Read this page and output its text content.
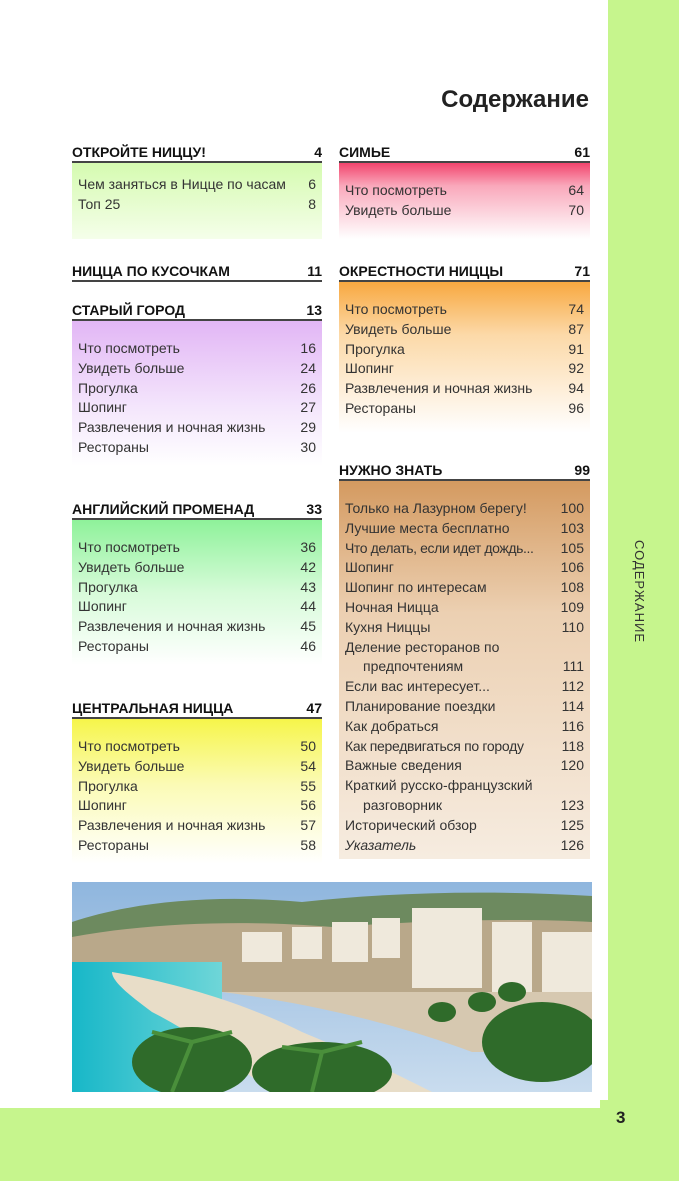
3
СОДЕРЖАНИЕ
Содержание
ОТКРОЙТЕ НИЦЦУ!	4
Чем заняться в Ницце по часам	6
Топ 25	8
НИЦЦА ПО КУСОЧКАМ	11
СТАРЫЙ ГОРОД	13
Что посмотреть	16
Увидеть больше	24
Прогулка	26
Шопинг	27
Развлечения и ночная жизнь	29
Рестораны	30
АНГЛИЙСКИЙ ПРОМЕНАД	33
Что посмотреть	36
Увидеть больше	42
Прогулка	43
Шопинг	44
Развлечения и ночная жизнь	45
Рестораны	46
ЦЕНТРАЛЬНАЯ НИЦЦА	47
Что посмотреть	50
Увидеть больше	54
Прогулка	55
Шопинг	56
Развлечения и ночная жизнь	57
Рестораны	58
СИМЬЕ	61
Что посмотреть	64
Увидеть больше	70
ОКРЕСТНОСТИ НИЦЦЫ	71
Что посмотреть	74
Увидеть больше	87
Прогулка	91
Шопинг	92
Развлечения и ночная жизнь	94
Рестораны	96
НУЖНО ЗНАТЬ	99
Только на Лазурном берегу! 100
Лучшие места бесплатно	103
Что делать, если идет дождь... 105
Шопинг	106
Шопинг по интересам	108
Ночная Ницца	109
Кухня Ниццы	110
Деление ресторанов по
предпочтениям	111
Если вас интересует...	112
Планирование поездки	114
Как добраться	116
Как передвигаться по городу	118
Важные сведения	120
Краткий русско-французский
разговорник	123
Исторический обзор	125
Указатель	126
